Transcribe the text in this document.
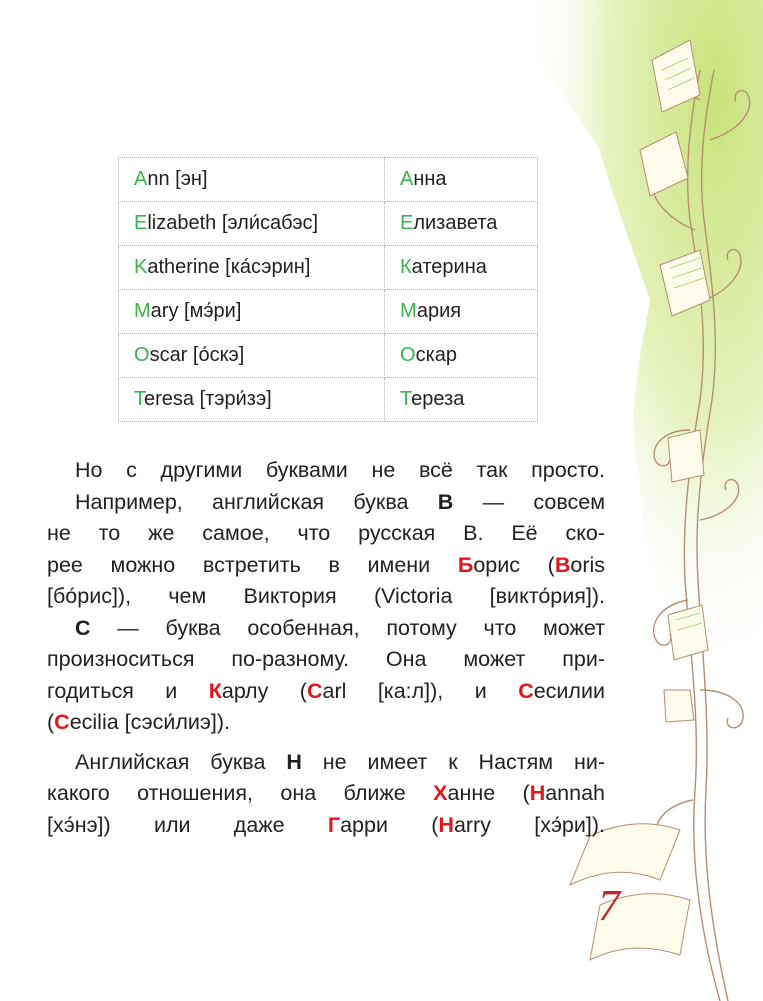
Ann [эн]	Анна
Elizabeth [эли́сабэс]	Елизавета
Katherine [ка́сэрин]	Катерина
Mary [мэ́ри]	Мария
Oscar [о́скэ]	Оскар
Teresa [тэри́зэ]	Тереза
Но с другими буквами не всё так просто.
Например, английская буква B — совсем
не то же самое, что русская В. Её ско-
рее можно встретить в имени Борис (Boris
[бо́рис]), чем Виктория (Victoria [викто́рия]).
C — буква особенная, потому что может
произноситься по-разному. Она может при-
годиться и Карлу (Carl [ка:л]), и Сесилии
(Cecilia [сэси́лиэ]).
Английская буква H не имеет к Настям ни-
какого отношения, она ближе Ханне (Hannah
[хэ́нэ]) или даже Гарри (Harry [хэ́ри]).
7
